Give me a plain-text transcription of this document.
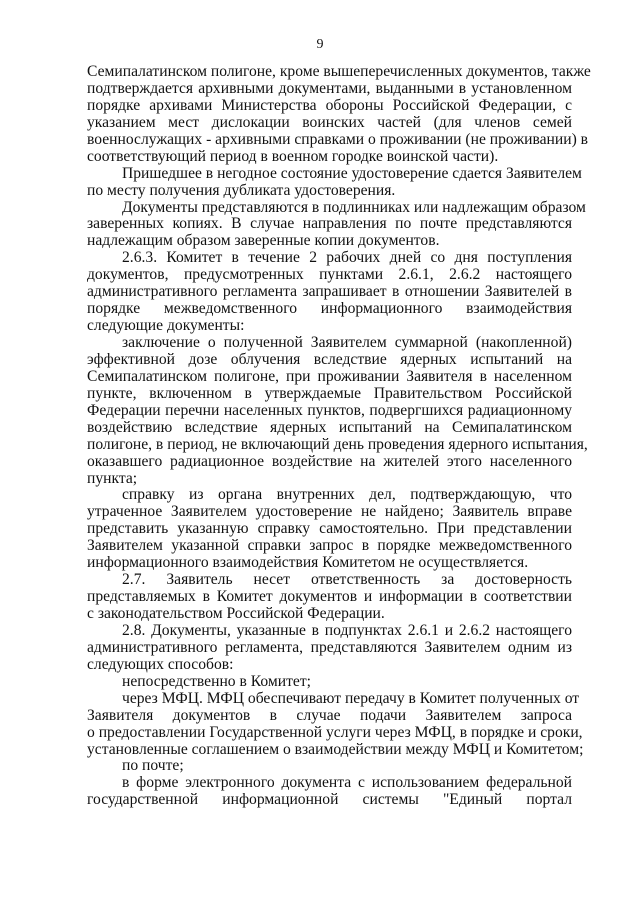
9
Семипалатинском полигоне, кроме вышеперечисленных документов, также
подтверждается архивными документами, выданными в установленном
порядке архивами Министерства обороны Российской Федерации, с
указанием мест дислокации воинских частей (для членов семей
военнослужащих - архивными справками о проживании (не проживании) в
соответствующий период в военном городке воинской части).
Пришедшее в негодное состояние удостоверение сдается Заявителем
по месту получения дубликата удостоверения.
Документы представляются в подлинниках или надлежащим образом
заверенных копиях. В случае направления по почте представляются
надлежащим образом заверенные копии документов.
2.6.3. Комитет в течение 2 рабочих дней со дня поступления
документов, предусмотренных пунктами 2.6.1, 2.6.2 настоящего
административного регламента запрашивает в отношении Заявителей в
порядке межведомственного информационного взаимодействия
следующие документы:
заключение о полученной Заявителем суммарной (накопленной)
эффективной дозе облучения вследствие ядерных испытаний на
Семипалатинском полигоне, при проживании Заявителя в населенном
пункте, включенном в утверждаемые Правительством Российской
Федерации перечни населенных пунктов, подвергшихся радиационному
воздействию вследствие ядерных испытаний на Семипалатинском
полигоне, в период, не включающий день проведения ядерного испытания,
оказавшего радиационное воздействие на жителей этого населенного
пункта;
справку из органа внутренних дел, подтверждающую, что
утраченное Заявителем удостоверение не найдено; Заявитель вправе
представить указанную справку самостоятельно. При представлении
Заявителем указанной справки запрос в порядке межведомственного
информационного взаимодействия Комитетом не осуществляется.
2.7. Заявитель несет ответственность за достоверность
представляемых в Комитет документов и информации в соответствии
с законодательством Российской Федерации.
2.8. Документы, указанные в подпунктах 2.6.1 и 2.6.2 настоящего
административного регламента, представляются Заявителем одним из
следующих способов:
непосредственно в Комитет;
через МФЦ. МФЦ обеспечивают передачу в Комитет полученных от
Заявителя документов в случае подачи Заявителем запроса
о предоставлении Государственной услуги через МФЦ, в порядке и сроки,
установленные соглашением о взаимодействии между МФЦ и Комитетом;
по почте;
в форме электронного документа с использованием федеральной
государственной информационной системы "Единый портал
